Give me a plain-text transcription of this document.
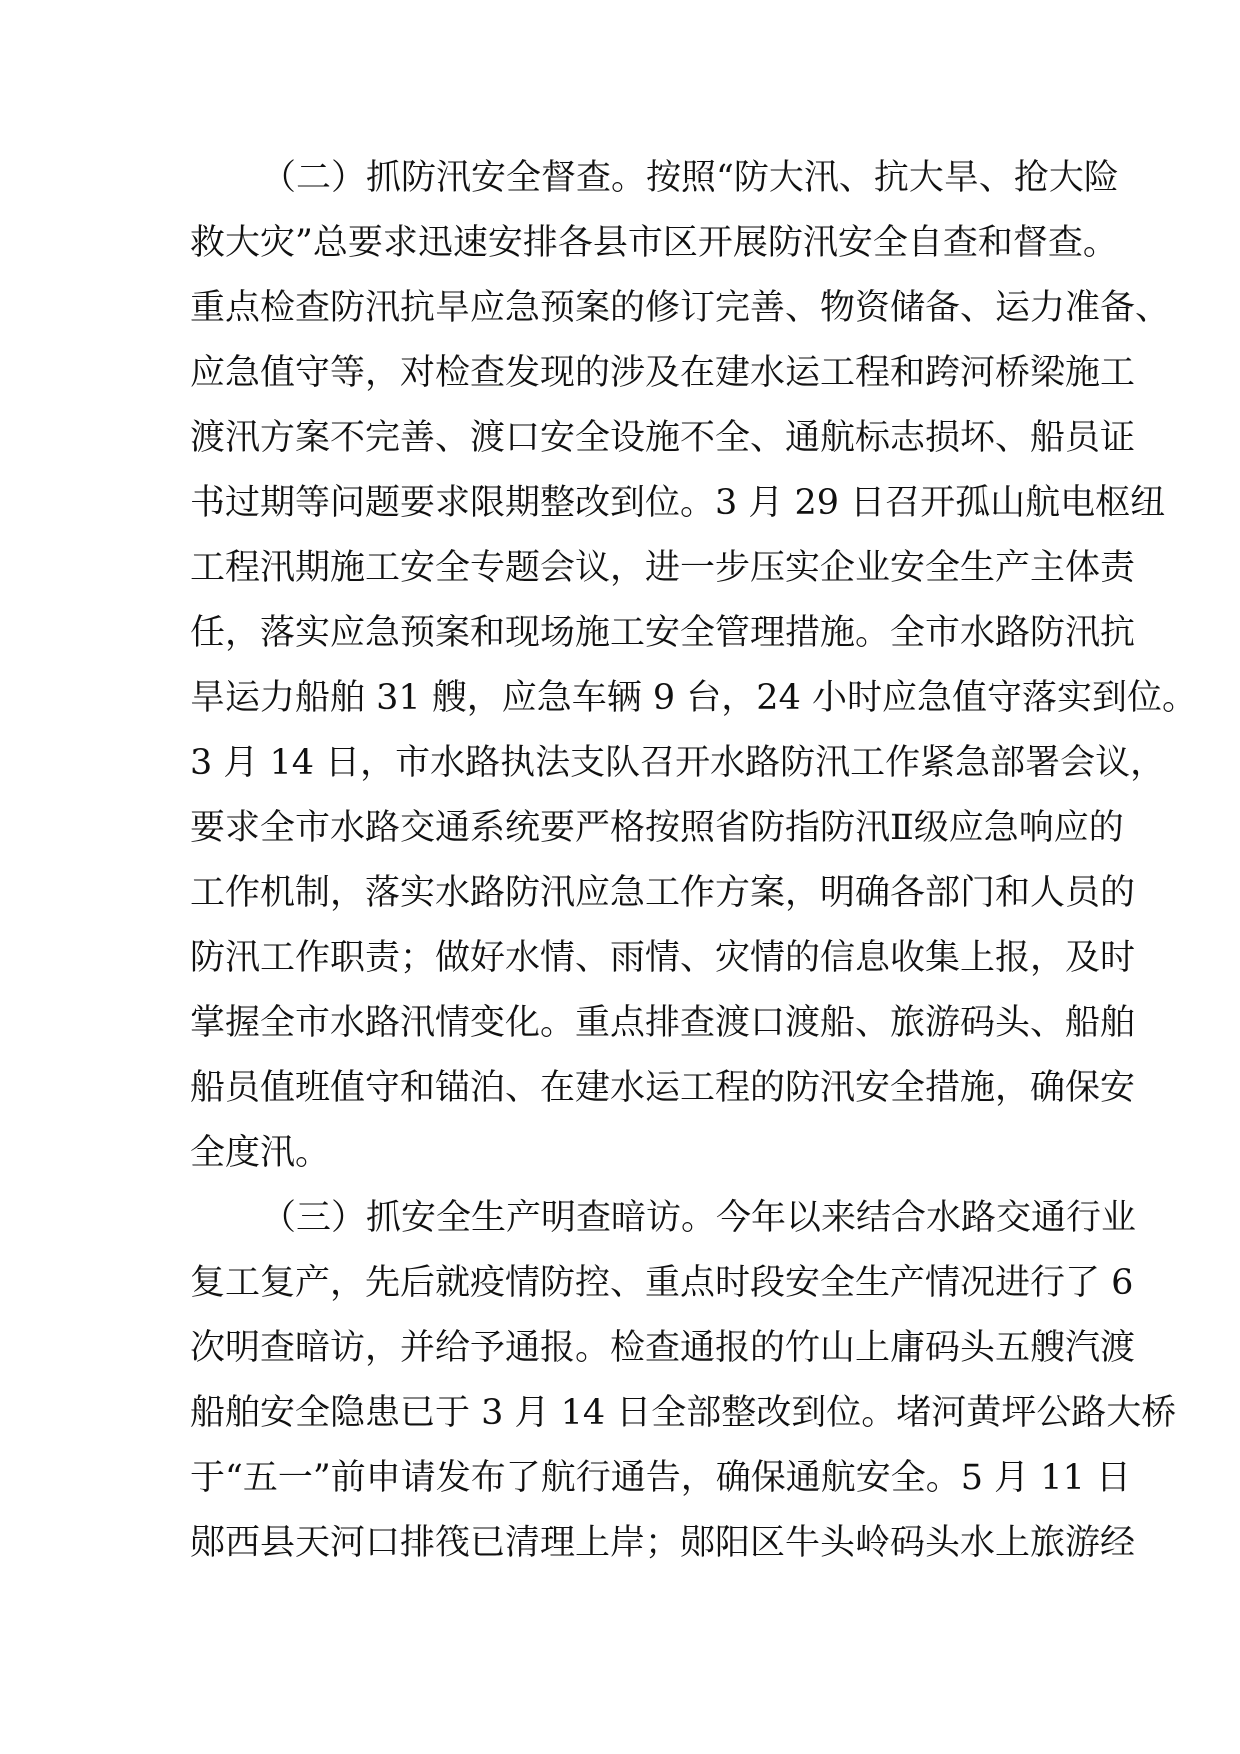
（二）抓防汛安全督查。按照“防大汛、抗大旱、抢大险
救大灾”总要求迅速安排各县市区开展防汛安全自查和督查。
重点检查防汛抗旱应急预案的修订完善、物资储备、运力准备、
应急值守等，对检查发现的涉及在建水运工程和跨河桥梁施工
渡汛方案不完善、渡口安全设施不全、通航标志损坏、船员证
书过期等问题要求限期整改到位。3 月 29 日召开孤山航电枢纽
工程汛期施工安全专题会议，进一步压实企业安全生产主体责
任，落实应急预案和现场施工安全管理措施。全市水路防汛抗
旱运力船舶 31 艘，应急车辆 9 台，24 小时应急值守落实到位。
3 月 14 日，市水路执法支队召开水路防汛工作紧急部署会议，
要求全市水路交通系统要严格按照省防指防汛Ⅱ级应急响应的
工作机制，落实水路防汛应急工作方案，明确各部门和人员的
防汛工作职责；做好水情、雨情、灾情的信息收集上报，及时
掌握全市水路汛情变化。重点排查渡口渡船、旅游码头、船舶
船员值班值守和锚泊、在建水运工程的防汛安全措施，确保安
全度汛。
（三）抓安全生产明查暗访。今年以来结合水路交通行业
复工复产，先后就疫情防控、重点时段安全生产情况进行了 6
次明查暗访，并给予通报。检查通报的竹山上庸码头五艘汽渡
船舶安全隐患已于 3 月 14 日全部整改到位。堵河黄坪公路大桥
于“五一”前申请发布了航行通告，确保通航安全。5 月 11 日
郧西县天河口排筏已清理上岸；郧阳区牛头岭码头水上旅游经
